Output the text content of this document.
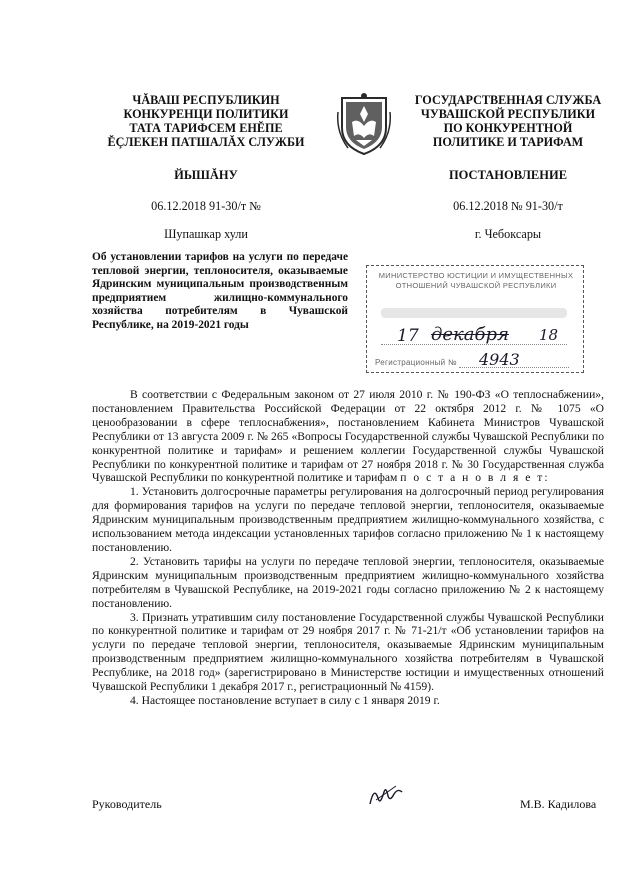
ЧĂВАШ РЕСПУБЛИКИН
КОНКУРЕНЦИ ПОЛИТИКИ
ТАТА ТАРИФСЕМ ЕНĔПЕ
ĔÇЛЕКЕН ПАТШАЛĂХ СЛУЖБИ
ЙЫШĂНУ
06.12.2018 91-30/т №
Шупашкар хули
ГОСУДАРСТВЕННАЯ СЛУЖБА
ЧУВАШСКОЙ РЕСПУБЛИКИ
ПО КОНКУРЕНТНОЙ
ПОЛИТИКЕ И ТАРИФАМ
ПОСТАНОВЛЕНИЕ
06.12.2018 № 91-30/т
г. Чебоксары
Об установлении тарифов на услуги по передаче тепловой энергии, теплоносителя, оказываемые Ядринским муниципальным производственным предприятием жилищно-коммунального хозяйства потребителям в Чувашской Республике, на 2019-2021 годы
МИНИСТЕРСТВО ЮСТИЦИИ И ИМУЩЕСТВЕННЫХ
ОТНОШЕНИЙ ЧУВАШСКОЙ РЕСПУБЛИКИ
17 декабря 18
Регистрационный № 4943

В соответствии с Федеральным законом от 27 июля 2010 г. № 190-ФЗ «О теплоснабжении», постановлением Правительства Российской Федерации от 22 октября 2012 г. № 1075 «О ценообразовании в сфере теплоснабжения», постановлением Кабинета Министров Чувашской Республики от 13 августа 2009 г. № 265 «Вопросы Государственной службы Чувашской Республики по конкурентной политике и тарифам» и решением коллегии Государственной службы Чувашской Республики по конкурентной политике и тарифам от 27 ноября 2018 г. № 30 Государственная служба Чувашской Республики по конкурентной политике и тарифам п о с т а н о в л я е т:

1. Установить долгосрочные параметры регулирования на долгосрочный период регулирования для формирования тарифов на услуги по передаче тепловой энергии, теплоносителя, оказываемые Ядринским муниципальным производственным предприятием жилищно-коммунального хозяйства, с использованием метода индексации установленных тарифов согласно приложению № 1 к настоящему постановлению.

2. Установить тарифы на услуги по передаче тепловой энергии, теплоносителя, оказываемые Ядринским муниципальным производственным предприятием жилищно-коммунального хозяйства потребителям в Чувашской Республике, на 2019-2021 годы согласно приложению № 2 к настоящему постановлению.

3. Признать утратившим силу постановление Государственной службы Чувашской Республики по конкурентной политике и тарифам от 29 ноября 2017 г. № 71-21/т «Об установлении тарифов на услуги по передаче тепловой энергии, теплоносителя, оказываемые Ядринским муниципальным производственным предприятием жилищно-коммунального хозяйства потребителям в Чувашской Республике, на 2018 год» (зарегистрировано в Министерстве юстиции и имущественных отношений Чувашской Республики 1 декабря 2017 г., регистрационный № 4159).

4. Настоящее постановление вступает в силу с 1 января 2019 г.

Руководитель	М.В. Кадилова
